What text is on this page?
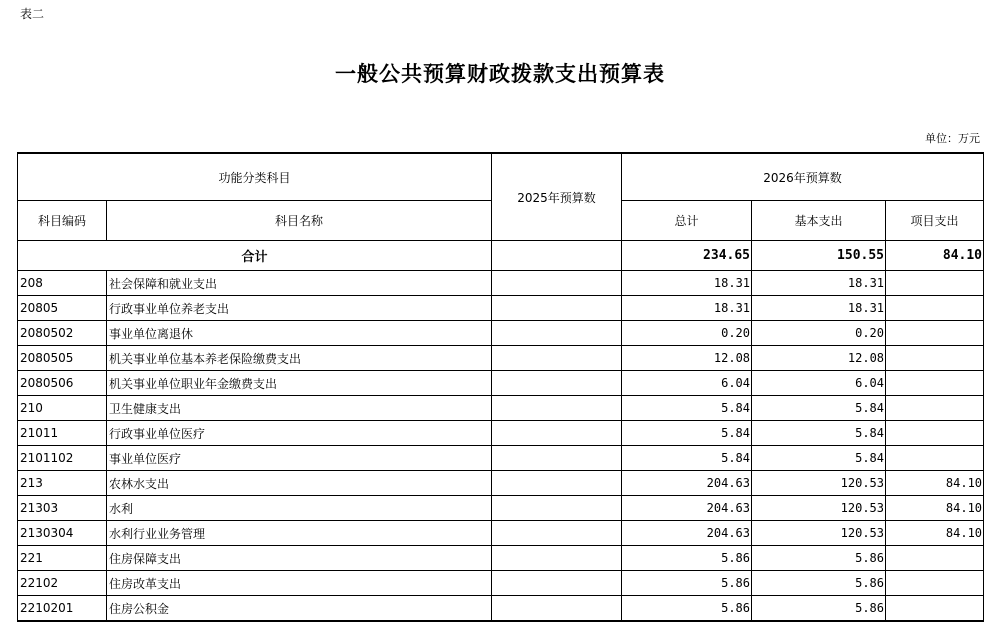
表二
一般公共预算财政拨款支出预算表
单位：万元
功能分类科目		2025年预算数	2026年预算数		
科目编码	科目名称		总计	基本支出	项目支出
合计			234.65	150.55	84.10
208	社会保障和就业支出		18.31	18.31	
20805	行政事业单位养老支出		18.31	18.31	
2080502	事业单位离退休		0.20	0.20	
2080505	机关事业单位基本养老保险缴费支出		12.08	12.08	
2080506	机关事业单位职业年金缴费支出		6.04	6.04	
210	卫生健康支出		5.84	5.84	
21011	行政事业单位医疗		5.84	5.84	
2101102	事业单位医疗		5.84	5.84	
213	农林水支出		204.63	120.53	84.10
21303	水利		204.63	120.53	84.10
2130304	水利行业业务管理		204.63	120.53	84.10
221	住房保障支出		5.86	5.86	
22102	住房改革支出		5.86	5.86	
2210201	住房公积金		5.86	5.86	
